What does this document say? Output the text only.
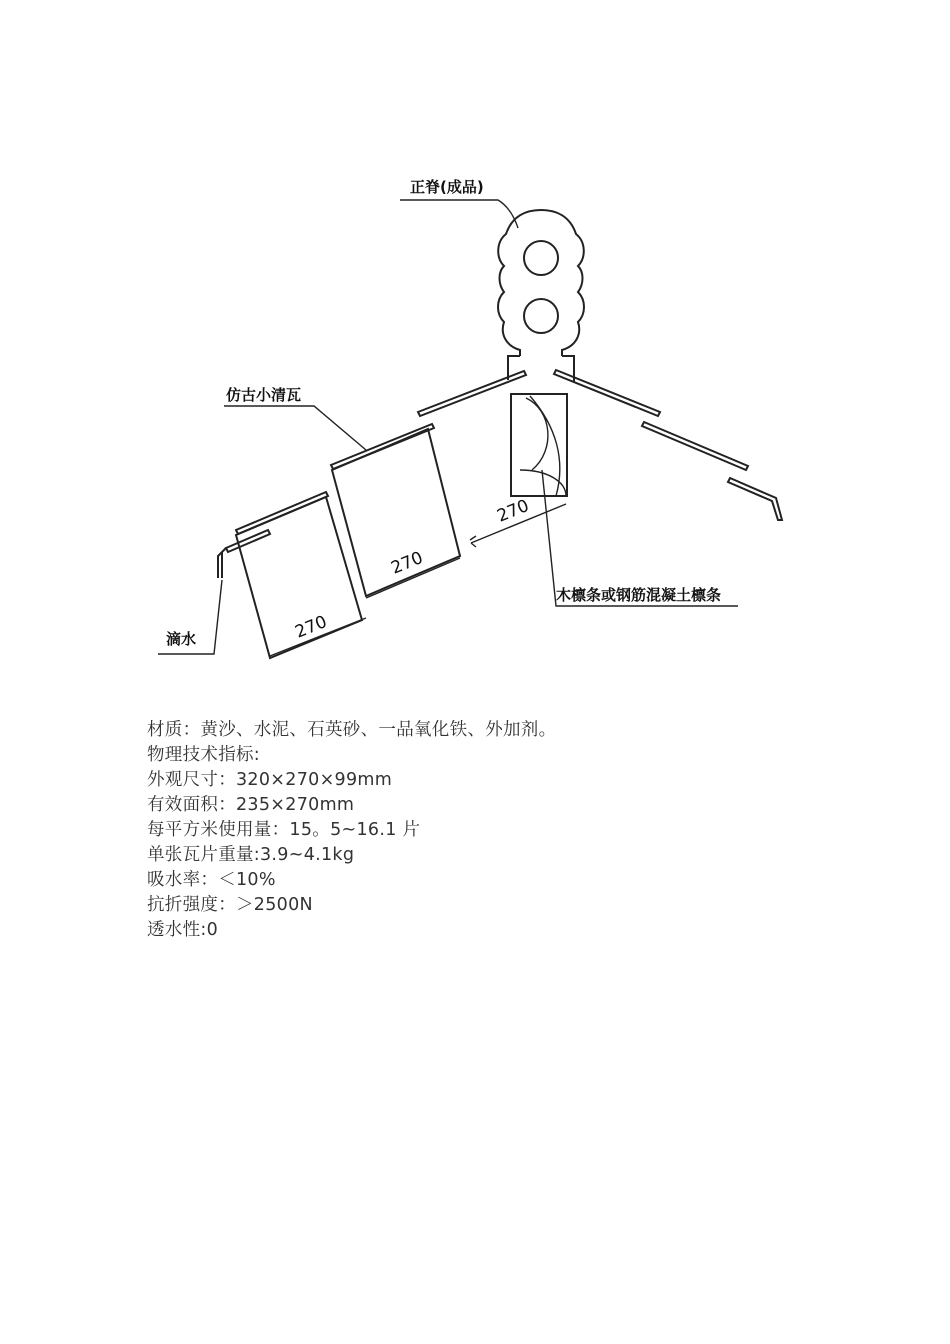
正脊(成品)
木檩条或钢筋混凝土檩条
270
270
270
仿古小清瓦
滴水
材质：黄沙、水泥、石英砂、一品氧化铁、外加剂。
物理技术指标:
外观尺寸：320×270×99mm
有效面积：235×270mm
每平方米使用量：15。5~16.1 片
单张瓦片重量:3.9~4.1kg
吸水率：＜10%
抗折强度：＞2500N
透水性:0
